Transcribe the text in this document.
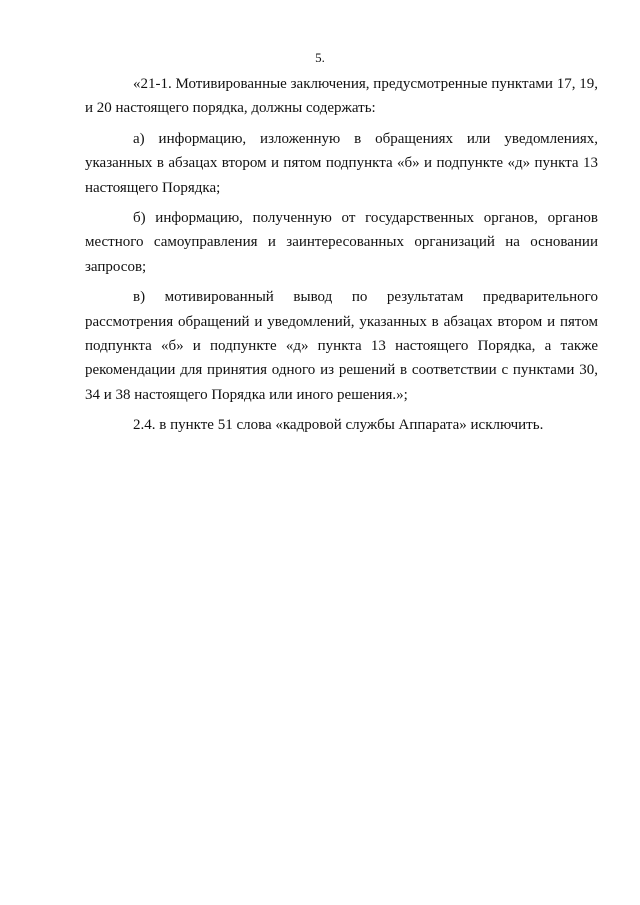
5.

«21-1. Мотивированные заключения, предусмотренные пунктами 17, 19, и 20 настоящего порядка, должны содержать:

а) информацию, изложенную в обращениях или уведомлениях, указанных в абзацах втором и пятом подпункта «б» и подпункте «д» пункта 13 настоящего Порядка;

б) информацию, полученную от государственных органов, органов местного самоуправления и заинтересованных организаций на основании запросов;

в) мотивированный вывод по результатам предварительного
рассмотрения обращений и уведомлений, указанных в абзацах втором и пятом подпункта «б» и подпункте «д» пункта 13 настоящего Порядка, а также рекомендации для принятия одного из решений в соответствии с пунктами 30, 34 и 38 настоящего Порядка или иного решения.»;

2.4. в пункте 51 слова «кадровой службы Аппарата» исключить.
